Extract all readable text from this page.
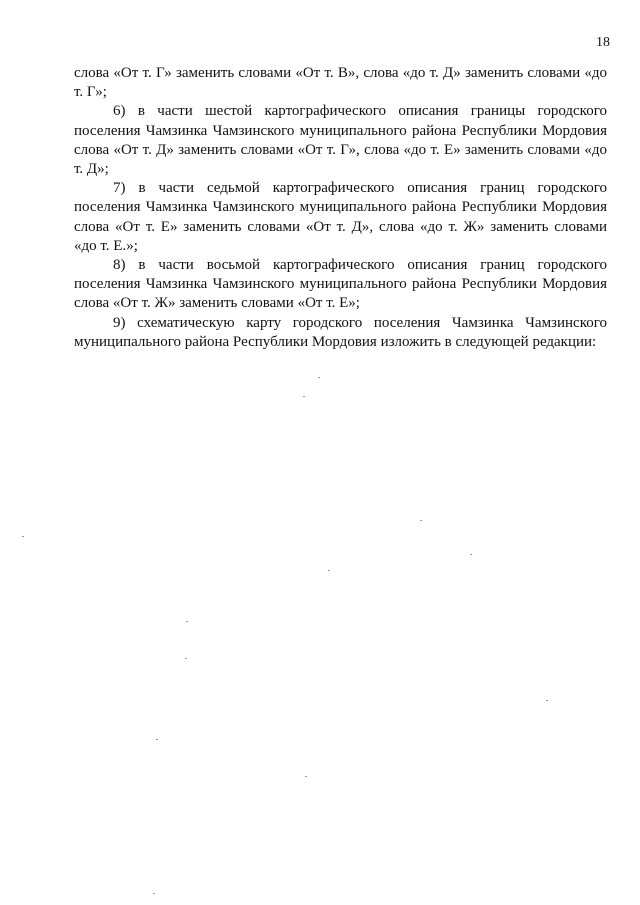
18

слова «От т. Г» заменить словами «От т. В», слова «до т. Д» заменить словами «до
т. Г»;

6) в части шестой картографического описания границы городского
поселения Чамзинка Чамзинского муниципального района Республики Мордовия
слова «От т. Д» заменить словами «От т. Г», слова «до т. Е» заменить словами «до
т. Д»;

7) в части седьмой картографического описания границ городского
поселения Чамзинка Чамзинского муниципального района Республики Мордовия
слова «От т. Е» заменить словами «От т. Д», слова «до т. Ж» заменить словами
«до т. Е.»;

8) в части восьмой картографического описания границ городского
поселения Чамзинка Чамзинского муниципального района Республики Мордовия
слова «От т. Ж» заменить словами «От т. Е»;

9) схематическую карту городского поселения Чамзинка Чамзинского
муниципального района Республики Мордовия изложить в следующей редакции:
